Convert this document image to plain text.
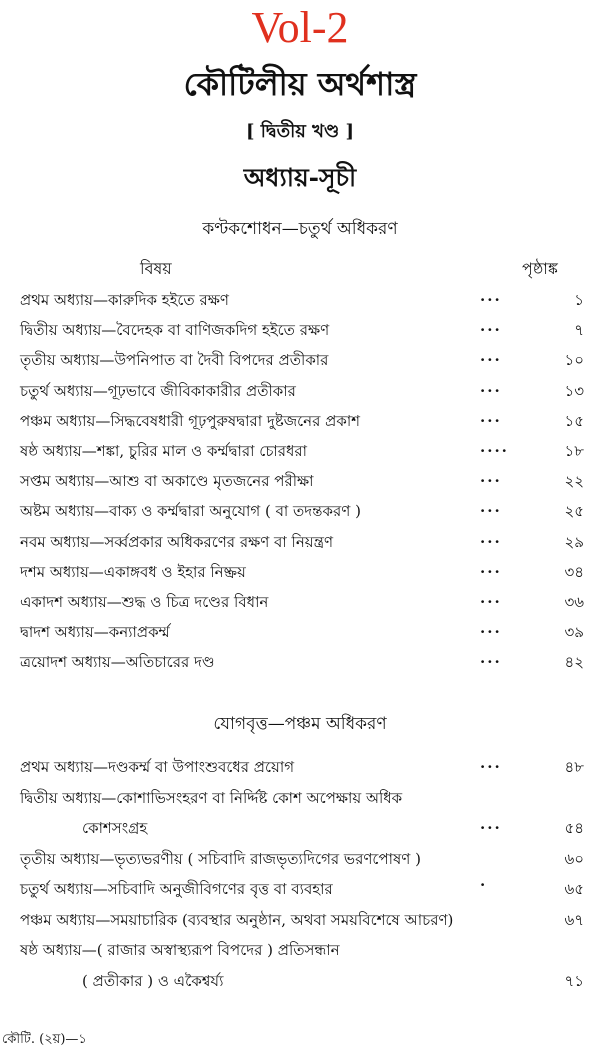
Vol-2
কৌটিলীয় অর্থশাস্ত্র
[ দ্বিতীয় খণ্ড ]
অধ্যায়-সূচী
কণ্টকশোধন—চতুর্থ অধিকরণ
বিষয়	পৃষ্ঠাঙ্ক
প্রথম অধ্যায়—কারুদিক হইতে রক্ষণ	...	১
দ্বিতীয় অধ্যায়—বৈদেহক বা বাণিজকদিগ হইতে রক্ষণ	...	৭
তৃতীয় অধ্যায়—উপনিপাত বা দৈবী বিপদের প্রতীকার	...	১০
চতুর্থ অধ্যায়—গূঢ়ভাবে জীবিকাকারীর প্রতীকার	...	১৩
পঞ্চম অধ্যায়—সিদ্ধবেষধারী গূঢ়পুরুষদ্বারা দুষ্টজনের প্রকাশ	...	১৫
ষষ্ঠ অধ্যায়—শঙ্কা, চুরির মাল ও কর্ম্মদ্বারা চোরধরা	....	১৮
সপ্তম অধ্যায়—আশু বা অকাণ্ডে মৃতজনের পরীক্ষা	...	২২
অষ্টম অধ্যায়—বাক্য ও কর্ম্মদ্বারা অনুযোগ ( বা তদন্তকরণ )	...	২৫
নবম অধ্যায়—সর্ব্বপ্রকার অধিকরণের রক্ষণ বা নিয়ন্ত্রণ	...	২৯
দশম অধ্যায়—একাঙ্গবধ ও ইহার নিষ্ক্রয়	...	৩৪
একাদশ অধ্যায়—শুদ্ধ ও চিত্র দণ্ডের বিধান	...	৩৬
দ্বাদশ অধ্যায়—কন্যাপ্রকর্ম্ম	...	৩৯
ত্রয়োদশ অধ্যায়—অতিচারের দণ্ড	...	৪২
যোগবৃত্ত—পঞ্চম অধিকরণ
প্রথম অধ্যায়—দণ্ডকর্ম্ম বা উপাংশুবধের প্রয়োগ	...	৪৮
দ্বিতীয় অধ্যায়—কোশাভিসংহরণ বা নির্দ্দিষ্ট কোশ অপেক্ষায় অধিক
কোশসংগ্রহ	...	৫৪
তৃতীয় অধ্যায়—ভৃত্যভরণীয় ( সচিবাদি রাজভৃত্যদিগের ভরণপোষণ )	৬০
চতুর্থ অধ্যায়—সচিবাদি অনুজীবিগণের বৃত্ত বা ব্যবহার	·	৬৫
পঞ্চম অধ্যায়—সময়াচারিক (ব্যবস্থার অনুষ্ঠান, অথবা সময়বিশেষে আচরণ)	৬৭
ষষ্ঠ অধ্যায়—( রাজার অস্বাস্থ্যরূপ বিপদের ) প্রতিসন্ধান
( প্রতীকার ) ও একৈশ্বর্য্য	৭১
কৌটি. (২য়)—১
